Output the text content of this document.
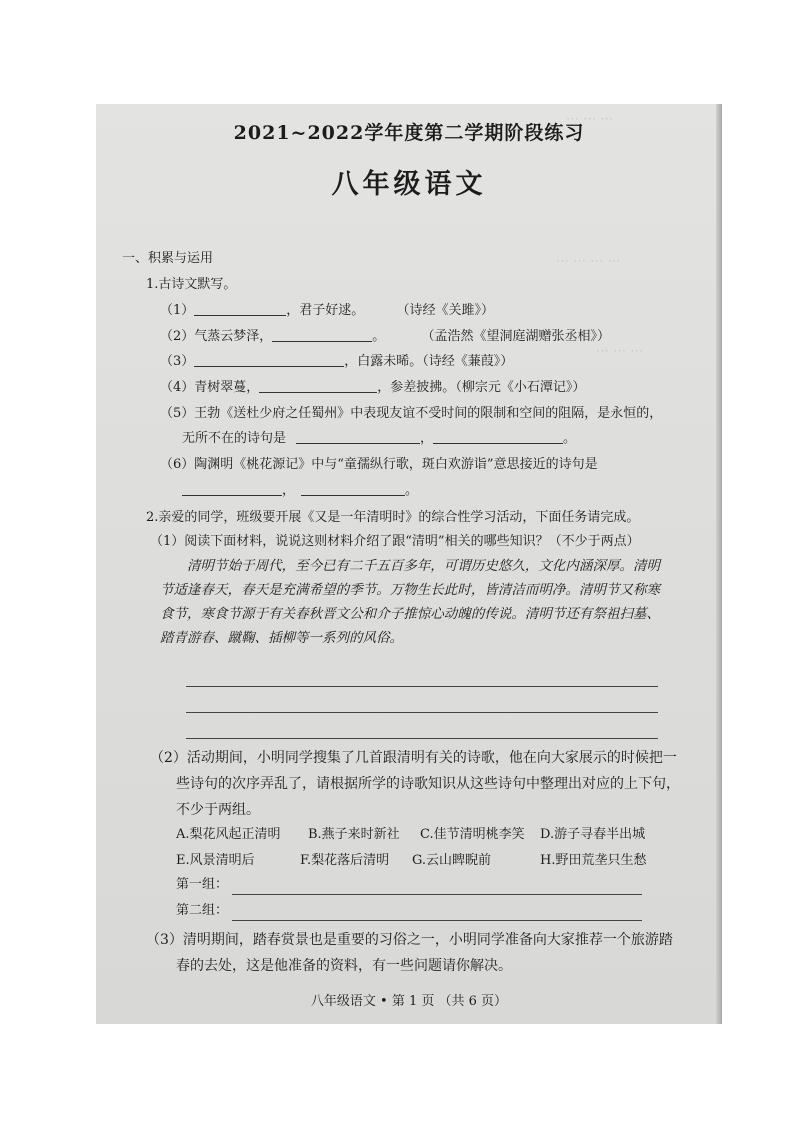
⋯ ⋯ ⋯
⋯ ⋯ ⋯ ⋯
⋯ ⋯ ⋯
2021~2022学年度第二学期阶段练习
八年级语文
一、积累与运用
1.古诗文默写。
（1）	，君子好逑。 （诗经《关雎》）
（2）气蒸云梦泽，	。	（孟浩然《望洞庭湖赠张丞相》）
（3）	，白露未晞。（诗经《蒹葭》）
（4）青树翠蔓，	，参差披拂。（柳宗元《小石潭记》）
（5）王勃《送杜少府之任蜀州》中表现友谊不受时间的限制和空间的阻隔，是永恒的，
无所不在的诗句是	，	。
（6）陶渊明《桃花源记》中与“童孺纵行歌，斑白欢游诣”意思接近的诗句是
，	。
2.亲爱的同学，班级要开展《又是一年清明时》的综合性学习活动，下面任务请完成。
（1）阅读下面材料，说说这则材料介绍了跟“清明”相关的哪些知识？（不少于两点）
清明节始于周代，至今已有二千五百多年，可谓历史悠久，文化内涵深厚。清明节适逢春天，春天是充满希望的季节。万物生长此时，皆清洁而明净。清明节又称寒食节，寒食节源于有关春秋晋文公和介子推惊心动魄的传说。清明节还有祭祖扫墓、踏青游春、蹴鞠、插柳等一系列的风俗。
（2）活动期间，小明同学搜集了几首跟清明有关的诗歌，他在向大家展示的时候把一
些诗句的次序弄乱了，请根据所学的诗歌知识从这些诗句中整理出对应的上下句，
不少于两组。
A.梨花风起正清明 B.燕子来时新社 C.佳节清明桃李笑 D.游子寻春半出城
E.风景清明后	F.梨花落后清明 G.云山睥睨前	H.野田荒垄只生愁
第一组：
第二组：
（3）清明期间，踏春赏景也是重要的习俗之一，小明同学准备向大家推荐一个旅游踏
春的去处，这是他准备的资料，有一些问题请你解决。
八年级语文 • 第 1 页 （共 6 页）
